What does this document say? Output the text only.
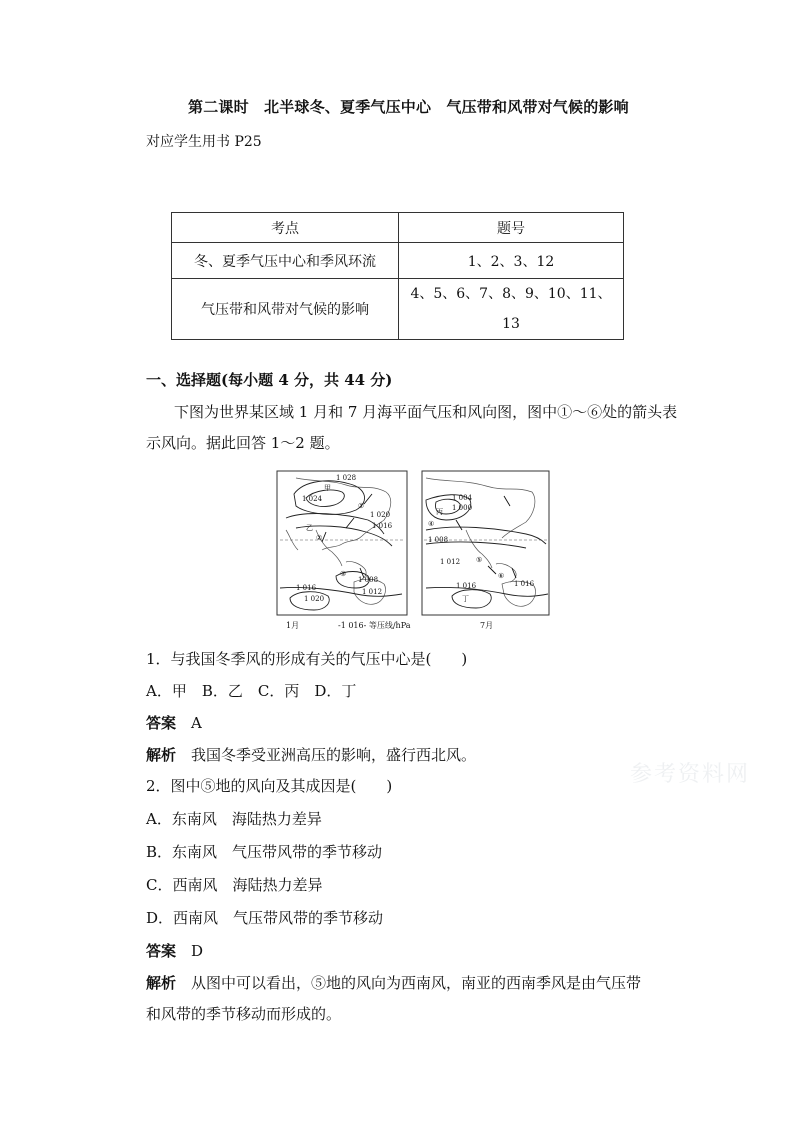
第二课时　北半球冬、夏季气压中心　气压带和风带对气候的影响
对应学生用书 P25
考点	题号
冬、夏季气压中心和季风环流	1、2、3、12
气压带和风带对气候的影响	4、5、6、7、8、9、10、11、
13
一、选择题(每小题 4 分，共 44 分)
下图为世界某区域 1 月和 7 月海平面气压和风向图，图中①～⑥处的箭头表
示风向。据此回答 1～2 题。
1 028
甲
1 024
1 020
1 016
乙
①
②
③
1 008
1 012
1 016
1 020
1 004
1 000
丙
④
1 008
1 012
1 016
⑤
⑥
丁
1 016
1月	-1 016- 等压线/hPa	7月
1．与我国冬季风的形成有关的气压中心是(　　)
A．甲　B．乙　C．丙　D．丁
答案　 A
解析　 我国冬季受亚洲高压的影响，盛行西北风。
参考资料网
2．图中⑤地的风向及其成因是(　　)
A．东南风　海陆热力差异
B．东南风　气压带风带的季节移动
C．西南风　海陆热力差异
D．西南风　气压带风带的季节移动
答案　 D
解析　 从图中可以看出，⑤地的风向为西南风，南亚的西南季风是由气压带
和风带的季节移动而形成的。
